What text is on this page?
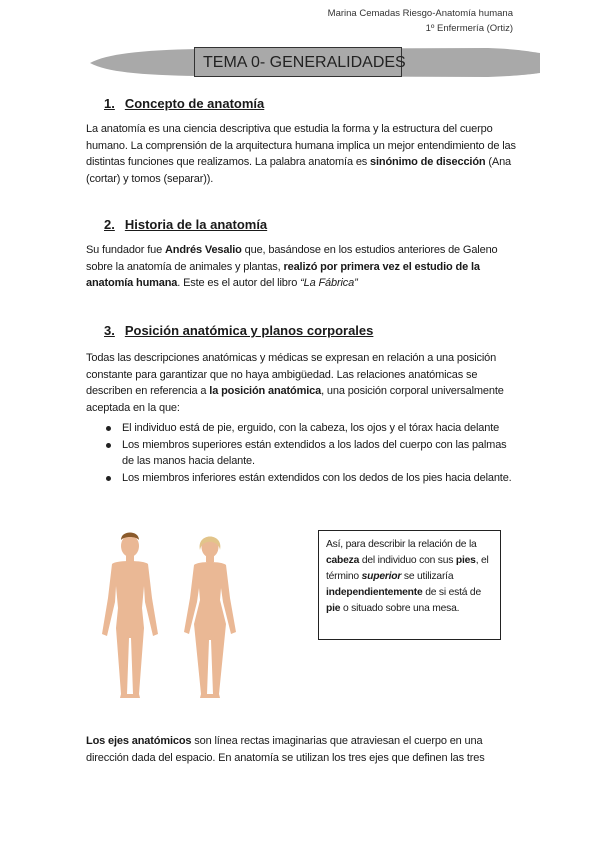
Marina Cemadas Riesgo-Anatomía humana
1º Enfermería (Ortiz)
TEMA 0- GENERALIDADES
1. Concepto de anatomía
La anatomía es una ciencia descriptiva que estudia la forma y la estructura del cuerpo humano. La comprensión de la arquitectura humana implica un mejor entendimiento de las distintas funciones que realizamos. La palabra anatomía es sinónimo de disección (Ana (cortar) y tomos (separar)).
2. Historia de la anatomía
Su fundador fue Andrés Vesalio que, basándose en los estudios anteriores de Galeno sobre la anatomía de animales y plantas, realizó por primera vez el estudio de la anatomía humana. Este es el autor del libro “La Fábrica”
3. Posición anatómica y planos corporales
Todas las descripciones anatómicas y médicas se expresan en relación a una posición constante para garantizar que no haya ambigüedad. Las relaciones anatómicas se describen en referencia a la posición anatómica, una posición corporal universalmente aceptada en la que:
El individuo está de pie, erguido, con la cabeza, los ojos y el tórax hacia delante
Los miembros superiores están extendidos a los lados del cuerpo con las palmas de las manos hacia delante.
Los miembros inferiores están extendidos con los dedos de los pies hacia delante.
Así, para describir la relación de la cabeza del individuo con sus pies, el término superior se utilizaría independientemente de si está de pie o situado sobre una mesa.
Los ejes anatómicos son línea rectas imaginarias que atraviesan el cuerpo en una dirección dada del espacio. En anatomía se utilizan los tres ejes que definen las tres
